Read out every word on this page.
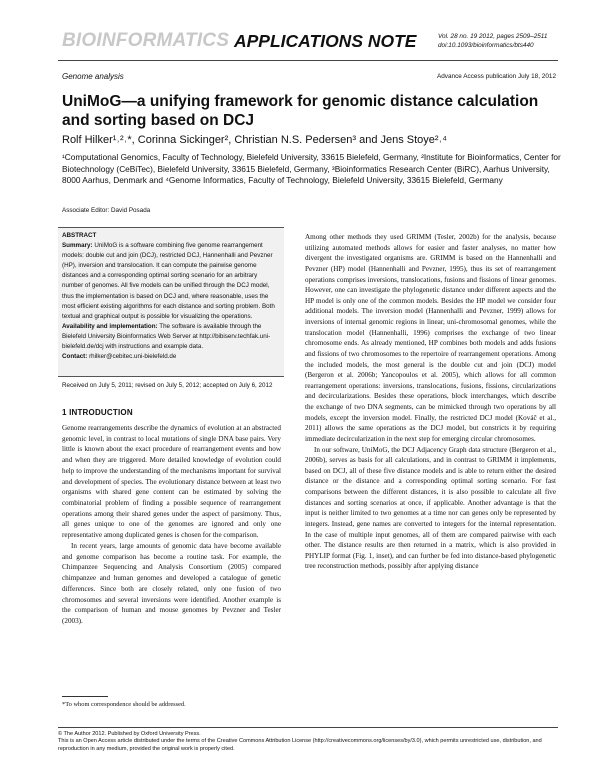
BIOINFORMATICS APPLICATIONS NOTE	Vol. 28 no. 19 2012, pages 2509–2511
doi:10.1093/bioinformatics/bts440
Genome analysis	Advance Access publication July 18, 2012
UniMoG—a unifying framework for genomic distance calculation and sorting based on DCJ
Rolf Hilker¹˒²˒*, Corinna Sickinger², Christian N.S. Pedersen³ and Jens Stoye²˒⁴
¹Computational Genomics, Faculty of Technology, Bielefeld University, 33615 Bielefeld, Germany, ²Institute for Bioinformatics, Center for Biotechnology (CeBiTec), Bielefeld University, 33615 Bielefeld, Germany, ³Bioinformatics Research Center (BiRC), Aarhus University, 8000 Aarhus, Denmark and ⁴Genome Informatics, Faculty of Technology, Bielefeld University, 33615 Bielefeld, Germany
Associate Editor: David Posada
ABSTRACT
Summary: UniMoG is a software combining five genome rearrangement models: double cut and join (DCJ), restricted DCJ, Hannenhalli and Pevzner (HP), inversion and translocation. It can compute the pairwise genome distances and a corresponding optimal sorting scenario for an arbitrary number of genomes. All five models can be unified through the DCJ model, thus the implementation is based on DCJ and, where reasonable, uses the most efficient existing algorithms for each distance and sorting problem. Both textual and graphical output is possible for visualizing the operations.
Availability and implementation: The software is available through the Bielefeld University Bioinformatics Web Server at http://bibiserv.techfak.uni-bielefeld.de/dcj with instructions and example data.
Contact: rhilker@cebitec.uni-bielefeld.de
Received on July 5, 2011; revised on July 5, 2012; accepted on July 6, 2012
1 INTRODUCTION

Genome rearrangements describe the dynamics of evolution at an abstracted genomic level, in contrast to local mutations of single DNA base pairs. Very little is known about the exact procedure of rearrangement events and how and when they are triggered. More detailed knowledge of evolution could help to improve the understanding of the mechanisms important for survival and development of species. The evolutionary distance between at least two organisms with shared gene content can be estimated by solving the combinatorial problem of finding a possible sequence of rearrangement operations among their shared genes under the aspect of parsimony. Thus, all genes unique to one of the genomes are ignored and only one representative among duplicated genes is chosen for the comparison.

In recent years, large amounts of genomic data have become available and genome comparison has become a routine task. For example, the Chimpanzee Sequencing and Analysis Consortium (2005) compared chimpanzee and human genomes and developed a catalogue of genetic differences. Since both are closely related, only one fusion of two chromosomes and several inversions were identified. Another example is the comparison of human and mouse genomes by Pevzner and Tesler (2003).

Among other methods they used GRIMM (Tesler, 2002b) for the analysis, because utilizing automated methods allows for easier and faster analyses, no matter how divergent the investigated organisms are. GRIMM is based on the Hannenhalli and Pevzner (HP) model (Hannenhalli and Pevzner, 1995), thus its set of rearrangement operations comprises inversions, translocations, fusions and fissions of linear genomes. However, one can investigate the phylogenetic distance under different aspects and the HP model is only one of the common models. Besides the HP model we consider four additional models. The inversion model (Hannenhalli and Pevzner, 1999) allows for inversions of internal genomic regions in linear, uni-chromosomal genomes, while the translocation model (Hannenhalli, 1996) comprises the exchange of two linear chromosome ends. As already mentioned, HP combines both models and adds fusions and fissions of two chromosomes to the repertoire of rearrangement operations. Among the included models, the most general is the double cut and join (DCJ) model (Bergeron et al. 2006b; Yancopoulos et al. 2005), which allows for all common rearrangement operations: inversions, translocations, fusions, fissions, circularizations and decircularizations. Besides these operations, block interchanges, which describe the exchange of two DNA segments, can be mimicked through two operations by all models, except the inversion model. Finally, the restricted DCJ model (Kováč et al., 2011) allows the same operations as the DCJ model, but constricts it by requiring immediate decircularization in the next step for emerging circular chromosomes.

In our software, UniMoG, the DCJ Adjacency Graph data structure (Bergeron et al., 2006b), serves as basis for all calculations, and in contrast to GRIMM it implements, based on DCJ, all of these five distance models and is able to return either the desired distance or the distance and a corresponding optimal sorting scenario. For fast comparisons between the different distances, it is also possible to calculate all five distances and sorting scenarios at once, if applicable. Another advantage is that the input is neither limited to two genomes at a time nor can genes only be represented by integers. Instead, gene names are converted to integers for the internal representation. In the case of multiple input genomes, all of them are compared pairwise with each other. The distance results are then returned in a matrix, which is also provided in PHYLIP format (Fig. 1, inset), and can further be fed into distance-based phylogenetic tree reconstruction methods, possibly after applying distance

*To whom correspondence should be addressed.
© The Author 2012. Published by Oxford University Press.
This is an Open Access article distributed under the terms of the Creative Commons Attribution License (http://creativecommons.org/licenses/by/3.0), which permits unrestricted use, distribution, and reproduction in any medium, provided the original work is properly cited.
